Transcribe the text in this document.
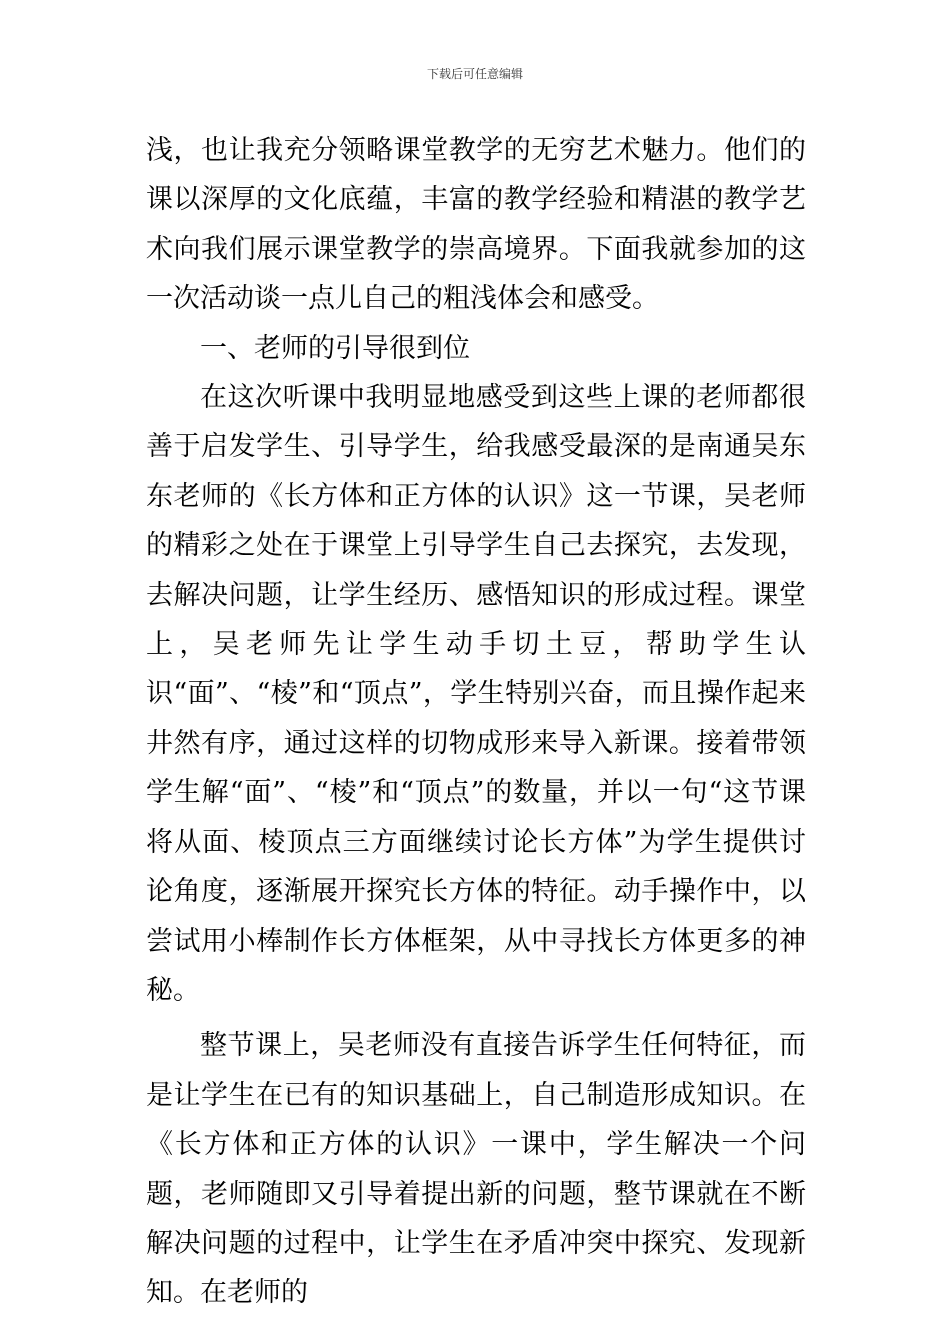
下载后可任意编辑

浅，也让我充分领略课堂教学的无穷艺术魅力。他们的课以深厚的文化底蕴，丰富的教学经验和精湛的教学艺术向我们展示课堂教学的崇高境界。下面我就参加的这一次活动谈一点儿自己的粗浅体会和感受。

一、老师的引导很到位

在这次听课中我明显地感受到这些上课的老师都很善于启发学生、引导学生，给我感受最深的是南通吴东东老师的《长方体和正方体的认识》这一节课，吴老师的精彩之处在于课堂上引导学生自己去探究，去发现，去解决问题，让学生经历、感悟知识的形成过程。课堂上，吴老师先让学生动手切土豆，帮助学生认识“面”、“棱”和“顶点”，学生特别兴奋，而且操作起来井然有序，通过这样的切物成形来导入新课。接着带领学生解“面”、“棱”和“顶点”的数量，并以一句“这节课将从面、棱顶点三方面继续讨论长方体”为学生提供讨论角度，逐渐展开探究长方体的特征。动手操作中，以尝试用小棒制作长方体框架，从中寻找长方体更多的神秘。

整节课上，吴老师没有直接告诉学生任何特征，而是让学生在已有的知识基础上，自己制造形成知识。在《长方体和正方体的认识》一课中，学生解决一个问题，老师随即又引导着提出新的问题，整节课就在不断解决问题的过程中，让学生在矛盾冲突中探究、发现新知。在老师的
